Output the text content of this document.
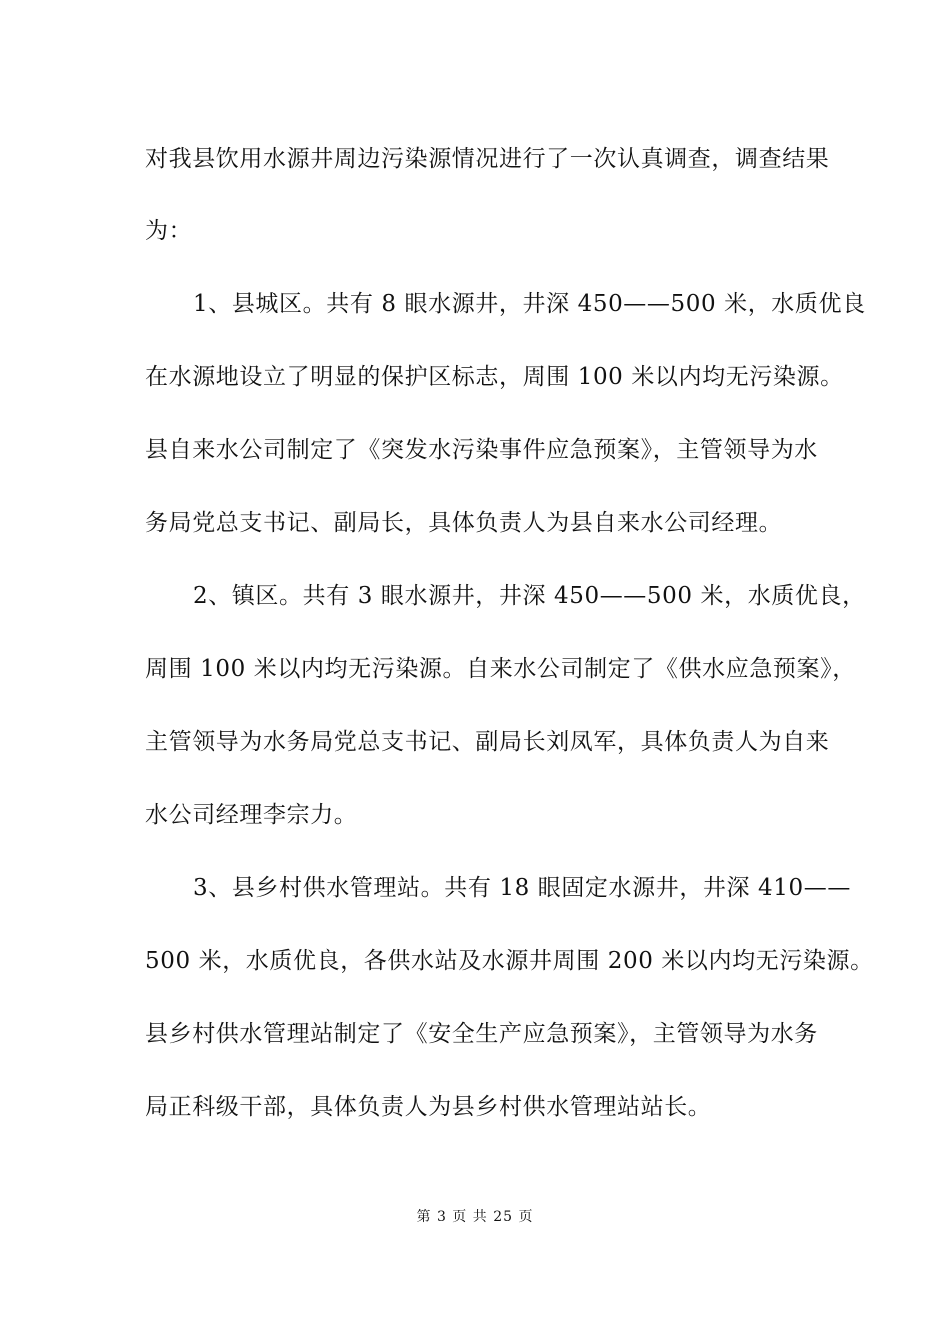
对我县饮用水源井周边污染源情况进行了一次认真调查，调查结果
为：
1、县城区。共有 8 眼水源井，井深 450——500 米，水质优良
在水源地设立了明显的保护区标志，周围 100 米以内均无污染源。
县自来水公司制定了《突发水污染事件应急预案》，主管领导为水
务局党总支书记、副局长，具体负责人为县自来水公司经理。
2、镇区。共有 3 眼水源井，井深 450——500 米，水质优良，
周围 100 米以内均无污染源。自来水公司制定了《供水应急预案》，
主管领导为水务局党总支书记、副局长刘凤军，具体负责人为自来
水公司经理李宗力。
3、县乡村供水管理站。共有 18 眼固定水源井，井深 410——
500 米，水质优良，各供水站及水源井周围 200 米以内均无污染源。
县乡村供水管理站制定了《安全生产应急预案》，主管领导为水务
局正科级干部，具体负责人为县乡村供水管理站站长。
第 3 页 共 25 页
